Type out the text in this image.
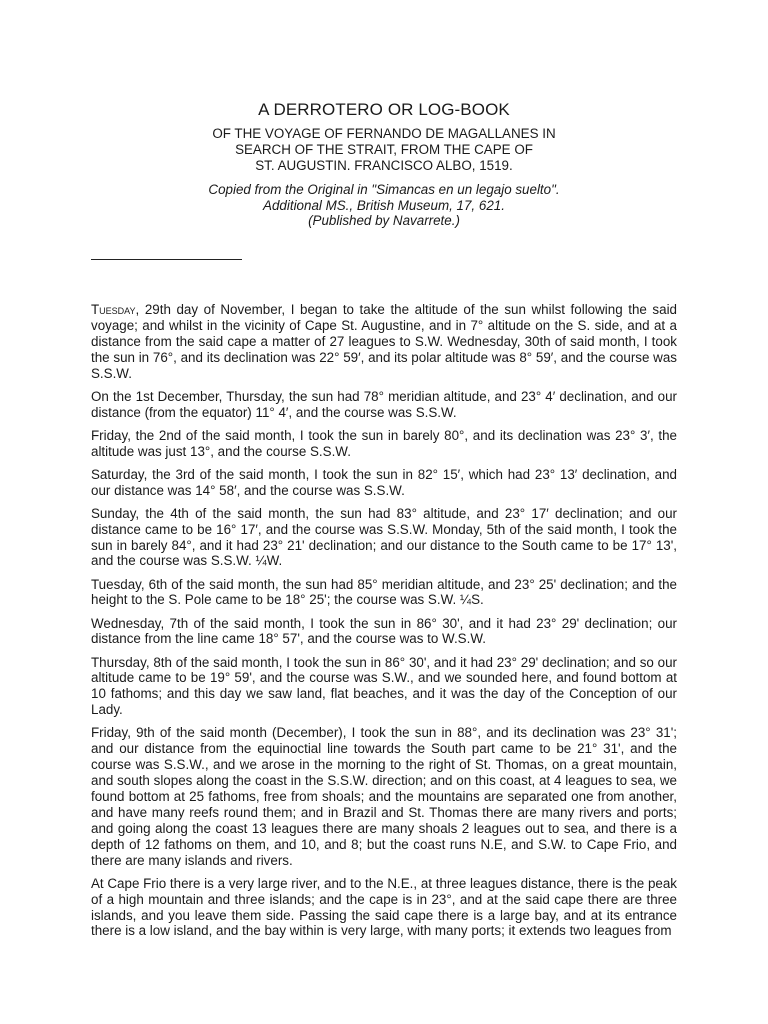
A DERROTERO OR LOG-BOOK
OF THE VOYAGE OF FERNANDO DE MAGALLANES IN
SEARCH OF THE STRAIT, FROM THE CAPE OF
ST. AUGUSTIN. FRANCISCO ALBO, 1519.
Copied from the Original in "Simancas en un legajo suelto".
Additional MS., British Museum, 17, 621.
(Published by Navarrete.)

Tuesday, 29th day of November, I began to take the altitude of the sun whilst following the said voyage; and whilst in the vicinity of Cape St. Augustine, and in 7° altitude on the S. side, and at a distance from the said cape a matter of 27 leagues to S.W. Wednesday, 30th of said month, I took the sun in 76°, and its declination was 22° 59′, and its polar altitude was 8° 59′, and the course was S.S.W.

On the 1st December, Thursday, the sun had 78° meridian altitude, and 23° 4′ declination, and our distance (from the equator) 11° 4′, and the course was S.S.W.

Friday, the 2nd of the said month, I took the sun in barely 80°, and its declination was 23° 3′, the altitude was just 13°, and the course S.S.W.

Saturday, the 3rd of the said month, I took the sun in 82° 15′, which had 23° 13′ declination, and our distance was 14° 58′, and the course was S.S.W.

Sunday, the 4th of the said month, the sun had 83° altitude, and 23° 17′ declination; and our distance came to be 16° 17′, and the course was S.S.W. Monday, 5th of the said month, I took the sun in barely 84°, and it had 23° 21' declination; and our distance to the South came to be 17° 13', and the course was S.S.W. ¼W.

Tuesday, 6th of the said month, the sun had 85° meridian altitude, and 23° 25' declination; and the height to the S. Pole came to be 18° 25'; the course was S.W. ¼S.

Wednesday, 7th of the said month, I took the sun in 86° 30', and it had 23° 29' declination; our distance from the line came 18° 57', and the course was to W.S.W.

Thursday, 8th of the said month, I took the sun in 86° 30', and it had 23° 29' declination; and so our altitude came to be 19° 59', and the course was S.W., and we sounded here, and found bottom at 10 fathoms; and this day we saw land, flat beaches, and it was the day of the Conception of our Lady.

Friday, 9th of the said month (December), I took the sun in 88°, and its declination was 23° 31'; and our distance from the equinoctial line towards the South part came to be 21° 31', and the course was S.S.W., and we arose in the morning to the right of St. Thomas, on a great mountain, and south slopes along the coast in the S.S.W. direction; and on this coast, at 4 leagues to sea, we found bottom at 25 fathoms, free from shoals; and the mountains are separated one from another, and have many reefs round them; and in Brazil and St. Thomas there are many rivers and ports; and going along the coast 13 leagues there are many shoals 2 leagues out to sea, and there is a depth of 12 fathoms on them, and 10, and 8; but the coast runs N.E, and S.W. to Cape Frio, and there are many islands and rivers.

At Cape Frio there is a very large river, and to the N.E., at three leagues distance, there is the peak of a high mountain and three islands; and the cape is in 23°, and at the said cape there are three islands, and you leave them side. Passing the said cape there is a large bay, and at its entrance there is a low island, and the bay within is very large, with many ports; it extends two leagues from
